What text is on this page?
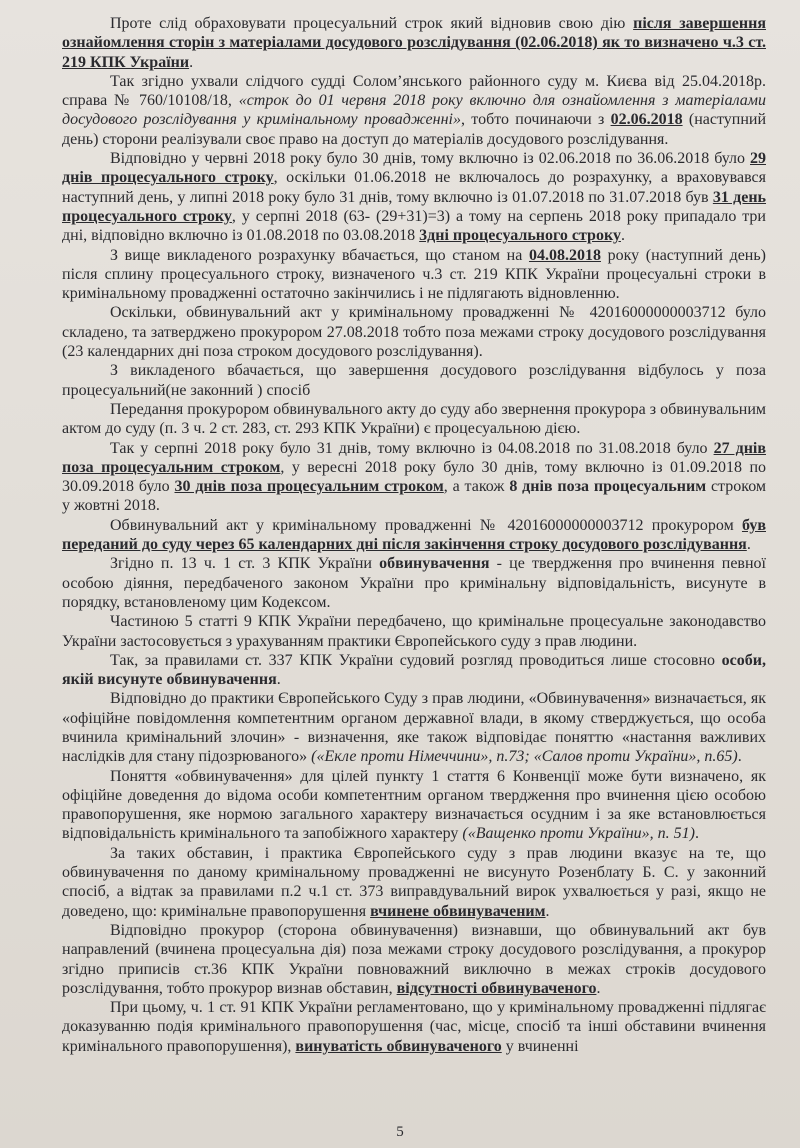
Проте слід обраховувати процесуальний строк який відновив свою дію після завершення ознайомлення сторін з матеріалами досудового розслідування (02.06.2018) як то визначено ч.3 ст. 219 КПК України.

Так згідно ухвали слідчого судді Солом’янського районного суду м. Києва від 25.04.2018р. справа № 760/10108/18, «строк до 01 червня 2018 року включно для ознайомлення з матеріалами досудового розслідування у кримінальному провадженні», тобто починаючи з 02.06.2018 (наступний день) сторони реалізували своє право на доступ до матеріалів досудового розслідування.

Відповідно у червні 2018 року було 30 днів, тому включно із 02.06.2018 по 36.06.2018 було 29 днів процесуального строку, оскільки 01.06.2018 не включалось до розрахунку, а враховувався наступний день, у липні 2018 року було 31 днів, тому включно із 01.07.2018 по 31.07.2018 був 31 день процесуального строку, у серпні 2018 (63- (29+31)=3) а тому на серпень 2018 року припадало три дні, відповідно включно із 01.08.2018 по 03.08.2018 3дні процесуального строку.

З вище викладеного розрахунку вбачається, що станом на 04.08.2018 року (наступний день) після сплину процесуального строку, визначеного ч.3 ст. 219 КПК України процесуальні строки в кримінальному провадженні остаточно закінчились і не підлягають відновленню.

Оскільки, обвинувальний акт у кримінальному провадженні № 42016000000003712 було складено, та затверджено прокурором 27.08.2018 тобто поза межами строку досудового розслідування (23 календарних дні поза строком досудового розслідування).

З викладеного вбачається, що завершення досудового розслідування відбулось у поза процесуальний(не законний ) спосіб

Передання прокурором обвинувального акту до суду або звернення прокурора з обвинувальним актом до суду (п. 3 ч. 2 ст. 283, ст. 293 КПК України) є процесуальною дією.

Так у серпні 2018 року було 31 днів, тому включно із 04.08.2018 по 31.08.2018 було 27 днів поза процесуальним строком, у вересні 2018 року було 30 днів, тому включно із 01.09.2018 по 30.09.2018 було 30 днів поза процесуальним строком, а також 8 днів поза процесуальним строком у жовтні 2018.

Обвинувальний акт у кримінальному провадженні № 42016000000003712 прокурором був переданий до суду через 65 календарних дні після закінчення строку досудового розслідування.

Згідно п. 13 ч. 1 ст. 3 КПК України обвинувачення - це твердження про вчинення певної особою діяння, передбаченого законом України про кримінальну відповідальність, висунуте в порядку, встановленому цим Кодексом.

Частиною 5 статті 9 КПК України передбачено, що кримінальне процесуальне законодавство України застосовується з урахуванням практики Європейського суду з прав людини.

Так, за правилами ст. 337 КПК України судовий розгляд проводиться лише стосовно особи, якій висунуте обвинувачення.

Відповідно до практики Європейського Суду з прав людини, «Обвинувачення» визначається, як «офіційне повідомлення компетентним органом державної влади, в якому стверджується, що особа вчинила кримінальний злочин» - визначення, яке також відповідає поняттю «настання важливих наслідків для стану підозрюваного» («Екле проти Німеччини», п.73; «Салов проти України», п.65).

Поняття «обвинувачення» для цілей пункту 1 стаття 6 Конвенції може бути визначено, як офіційне доведення до відома особи компетентним органом твердження про вчинення цією особою правопорушення, яке нормою загального характеру визначається осудним і за яке встановлюється відповідальність кримінального та запобіжного характеру («Ващенко проти України», п. 51).

За таких обставин, і практика Європейського суду з прав людини вказує на те, що обвинувачення по даному кримінальному провадженні не висунуто Розенблату Б. С. у законний спосіб, а відтак за правилами п.2 ч.1 ст. 373 виправдувальний вирок ухвалюється у разі, якщо не доведено, що: кримінальне правопорушення вчинене обвинуваченим.

Відповідно прокурор (сторона обвинувачення) визнавши, що обвинувальний акт був направлений (вчинена процесуальна дія) поза межами строку досудового розслідування, а прокурор згідно приписів ст.36 КПК України повноважний виключно в межах строків досудового розслідування, тобто прокурор визнав обставин, відсутності обвинуваченого.

При цьому, ч. 1 ст. 91 КПК України регламентовано, що у кримінальному провадженні підлягає доказуванню подія кримінального правопорушення (час, місце, спосіб та інші обставини вчинення кримінального правопорушення), винуватість обвинуваченого у вчиненні

5
